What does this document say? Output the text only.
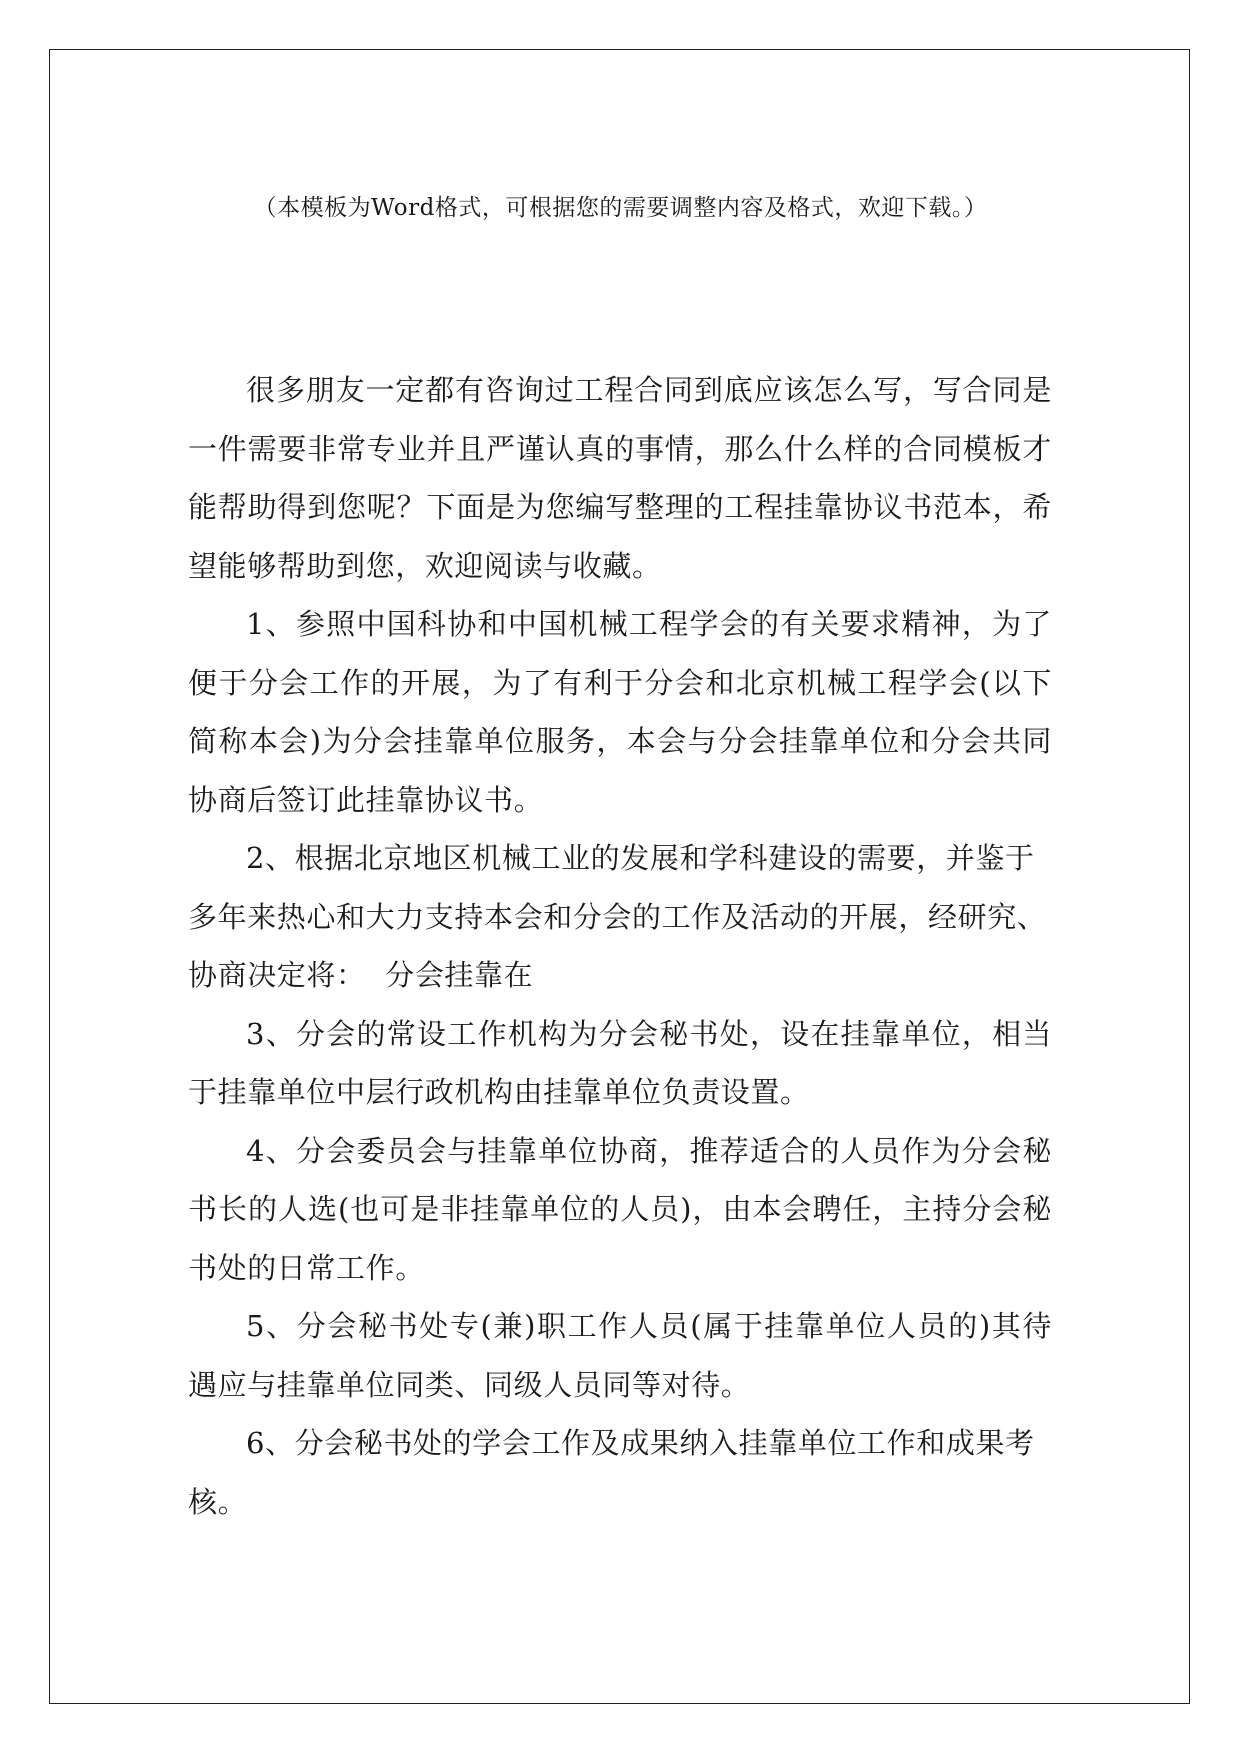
（本模板为Word格式，可根据您的需要调整内容及格式，欢迎下载。）

很多朋友一定都有咨询过工程合同到底应该怎么写，写合同是一件需要非常专业并且严谨认真的事情，那么什么样的合同模板才能帮助得到您呢？下面是为您编写整理的工程挂靠协议书范本，希望能够帮助到您，欢迎阅读与收藏。

1、参照中国科协和中国机械工程学会的有关要求精神，为了便于分会工作的开展，为了有利于分会和北京机械工程学会(以下简称本会)为分会挂靠单位服务，本会与分会挂靠单位和分会共同协商后签订此挂靠协议书。

2、根据北京地区机械工业的发展和学科建设的需要，并鉴于多年来热心和大力支持本会和分会的工作及活动的开展，经研究、协商决定将：  分会挂靠在

3、分会的常设工作机构为分会秘书处，设在挂靠单位，相当于挂靠单位中层行政机构由挂靠单位负责设置。

4、分会委员会与挂靠单位协商，推荐适合的人员作为分会秘书长的人选(也可是非挂靠单位的人员)，由本会聘任，主持分会秘书处的日常工作。

5、分会秘书处专(兼)职工作人员(属于挂靠单位人员的)其待遇应与挂靠单位同类、同级人员同等对待。

6、分会秘书处的学会工作及成果纳入挂靠单位工作和成果考核。
